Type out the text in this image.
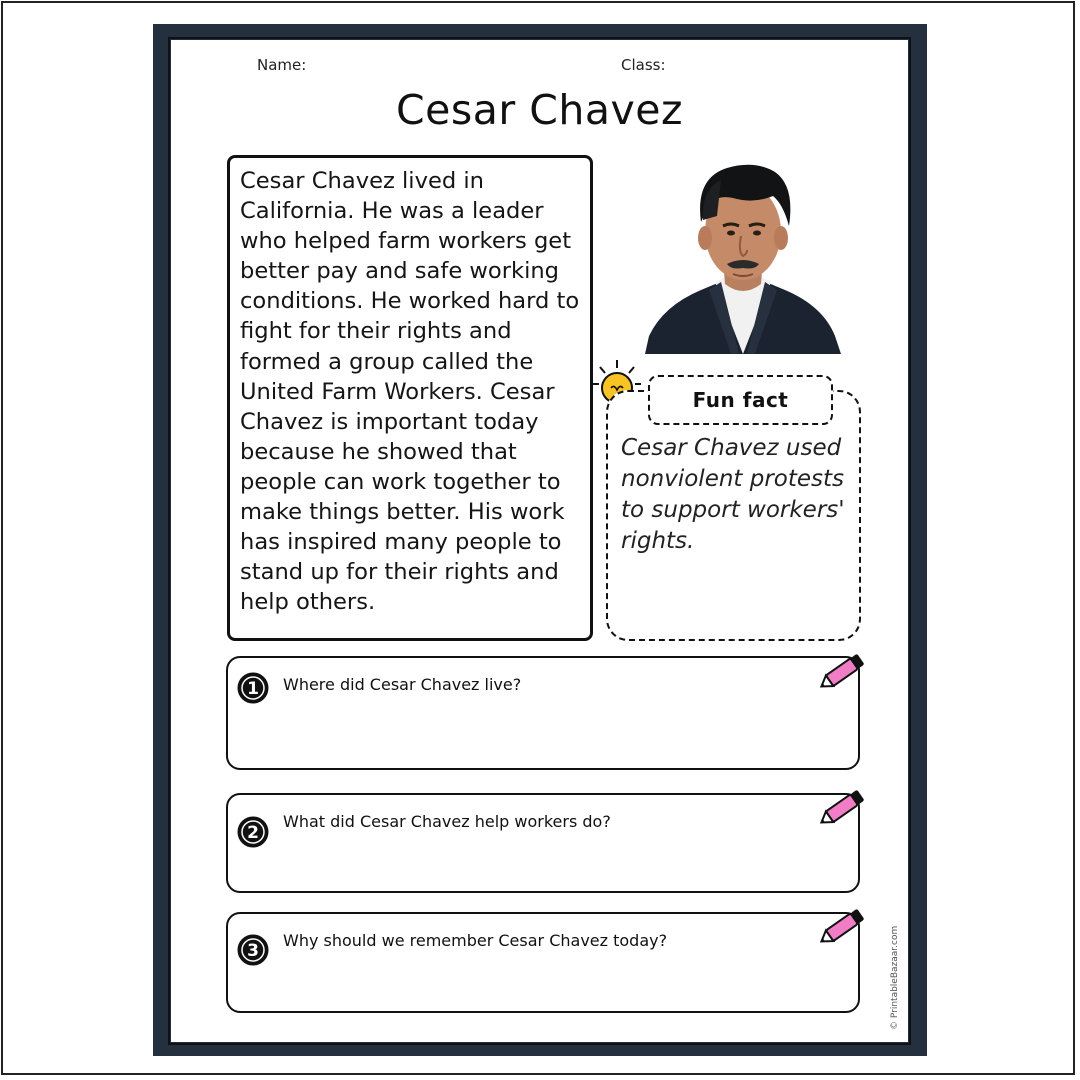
Name:	Class:
Cesar Chavez

Cesar Chavez lived in
California. He was a leader
who helped farm workers get
better pay and safe working
conditions. He worked hard to
fight for their rights and
formed a group called the
United Farm Workers. Cesar
Chavez is important today
because he showed that
people can work together to
make things better. His work
has inspired many people to
stand up for their rights and
help others.

Fun fact

Cesar Chavez used
nonviolent protests
to support workers'
rights.

1 Where did Cesar Chavez live?
2
What did Cesar Chavez help workers do?
3
Why should we remember Cesar Chavez today?	© PrintableBazaar.com
